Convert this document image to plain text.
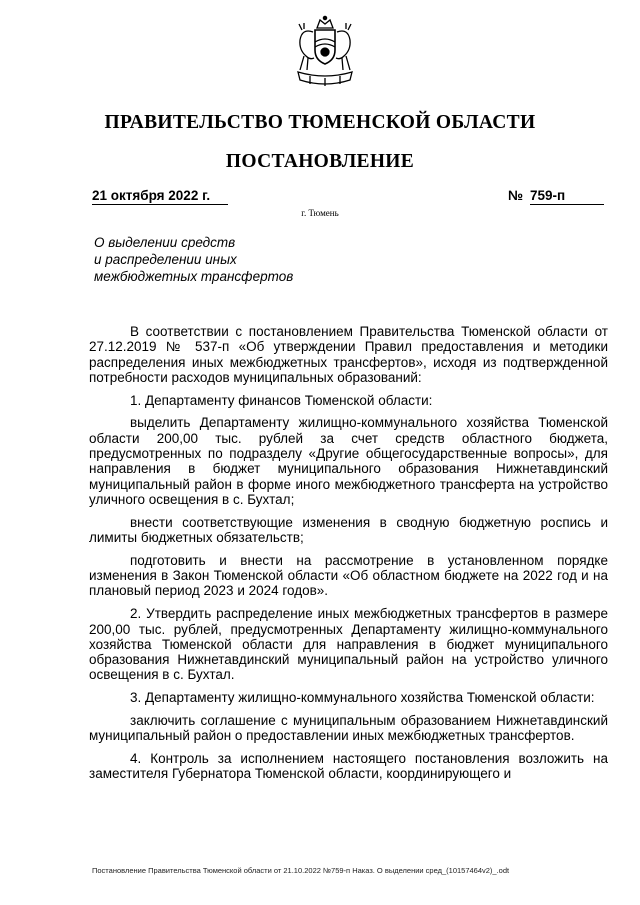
ПРАВИТЕЛЬСТВО ТЮМЕНСКОЙ ОБЛАСТИ
ПОСТАНОВЛЕНИЕ
21 октября 2022 г.	№ 759-п
г. Тюмень
О выделении средств
и распределении иных
межбюджетных трансфертов

В соответствии с постановлением Правительства Тюменской области от 27.12.2019 № 537-п «Об утверждении Правил предоставления и методики распределения иных межбюджетных трансфертов», исходя из подтвержденной потребности расходов муниципальных образований:

1. Департаменту финансов Тюменской области:

выделить Департаменту жилищно-коммунального хозяйства Тюменской области 200,00 тыс. рублей за счет средств областного бюджета, предусмотренных по подразделу «Другие общегосударственные вопросы», для направления в бюджет муниципального образования Нижнетавдинский муниципальный район в форме иного межбюджетного трансферта на устройство уличного освещения в с. Бухтал;

внести соответствующие изменения в сводную бюджетную роспись и лимиты бюджетных обязательств;

подготовить и внести на рассмотрение в установленном порядке изменения в Закон Тюменской области «Об областном бюджете на 2022 год и на плановый период 2023 и 2024 годов».

2. Утвердить распределение иных межбюджетных трансфертов в размере 200,00 тыс. рублей, предусмотренных Департаменту жилищно-коммунального хозяйства Тюменской области для направления в бюджет муниципального образования Нижнетавдинский муниципальный район на устройство уличного освещения в с. Бухтал.

3. Департаменту жилищно-коммунального хозяйства Тюменской области:

заключить соглашение с муниципальным образованием Нижнетавдинский муниципальный район о предоставлении иных межбюджетных трансфертов.

4. Контроль за исполнением настоящего постановления возложить на заместителя Губернатора Тюменской области, координирующего и

Постановление Правительства Тюменской области от 21.10.2022 №759-п Наказ. О выделении сред_(10157464v2)_.odt
